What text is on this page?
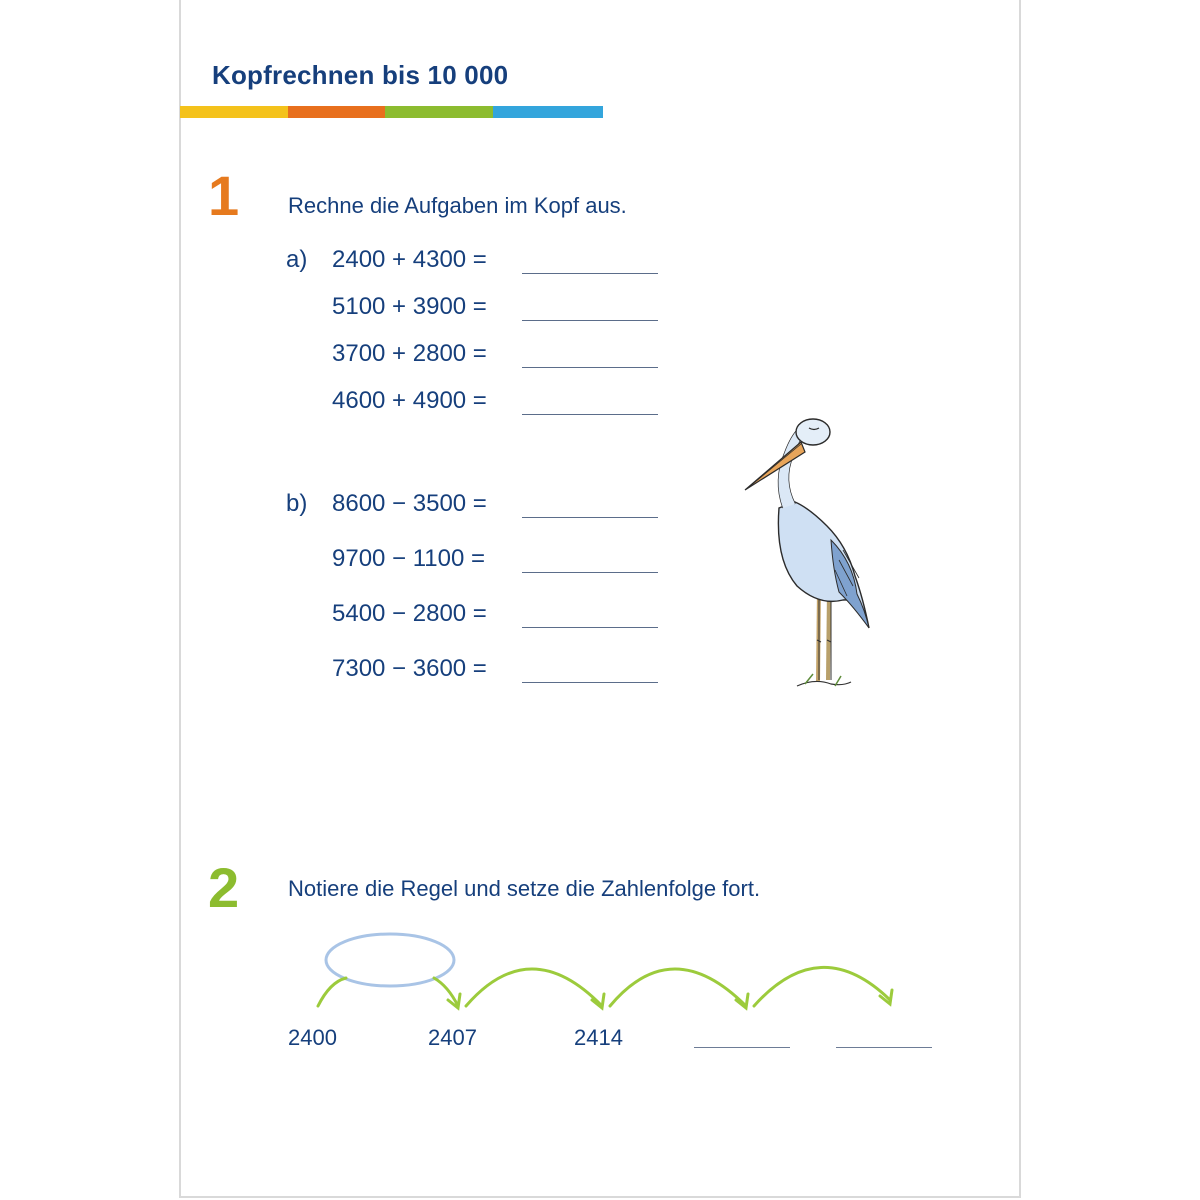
Kopfrechnen bis 10 000
1 Rechne die Aufgaben im Kopf aus.
a)	2400 + 4300 =
5100 + 3900 =
3700 + 2800 =
4600 + 4900 =
b)	8600 − 3500 =
9700 − 1100 =
5400 − 2800 =
7300 − 3600 =
2 Notiere die Regel und setze die Zahlenfolge fort.
2400	2407	2414
